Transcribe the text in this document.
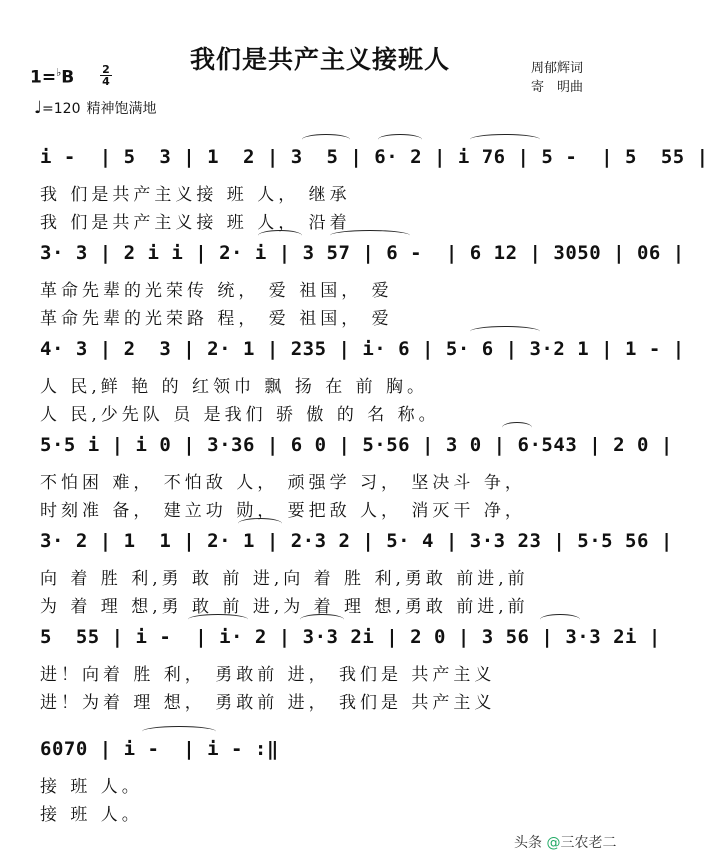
我们是共产主义接班人	周郁辉词
寄　明曲
1=♭B	2
4
♩=120 精神饱满地
i -  | 5  3 | 1  2 | 3  5 | 6· 2 | i 76 | 5 -  | 5  55 |
我 们是共产主义接 班 人， 继承
我 们是共产主义接 班 人， 沿着
3· 3 | 2 i i | 2· i | 3 57 | 6 -  | 6 12 | 3050 | 06 |
革命先辈的光荣传 统， 爱 祖国， 爱
革命先辈的光荣路 程， 爱 祖国， 爱
4· 3 | 2  3 | 2· 1 | 235 | i· 6 | 5· 6 | 3·2 1 | 1 - |
人 民,鲜 艳 的 红领巾 飘 扬 在 前 胸。
人 民,少先队 员 是我们 骄 傲 的 名 称。
5·5 i | i 0 | 3·36 | 6 0 | 5·56 | 3 0 | 6·543 | 2 0 |
不怕困 难， 不怕敌 人， 顽强学 习， 坚决斗 争，
时刻准 备， 建立功 勋， 要把敌 人， 消灭干 净，
3· 2 | 1  1 | 2· 1 | 2·3 2 | 5· 4 | 3·3 23 | 5·5 56 |
向 着 胜 利,勇 敢 前 进,向 着 胜 利,勇敢 前进,前
为 着 理 想,勇 敢 前 进,为 着 理 想,勇敢 前进,前
5  55 | i -  | i· 2 | 3·3 2i | 2 0 | 3 56 | 3·3 2i |
进！向着 胜 利， 勇敢前 进， 我们是 共产主义
进！为着 理 想， 勇敢前 进， 我们是 共产主义
6070 | i -  | i - :‖
接 班 人。
接 班 人。
头条 @三农老二
